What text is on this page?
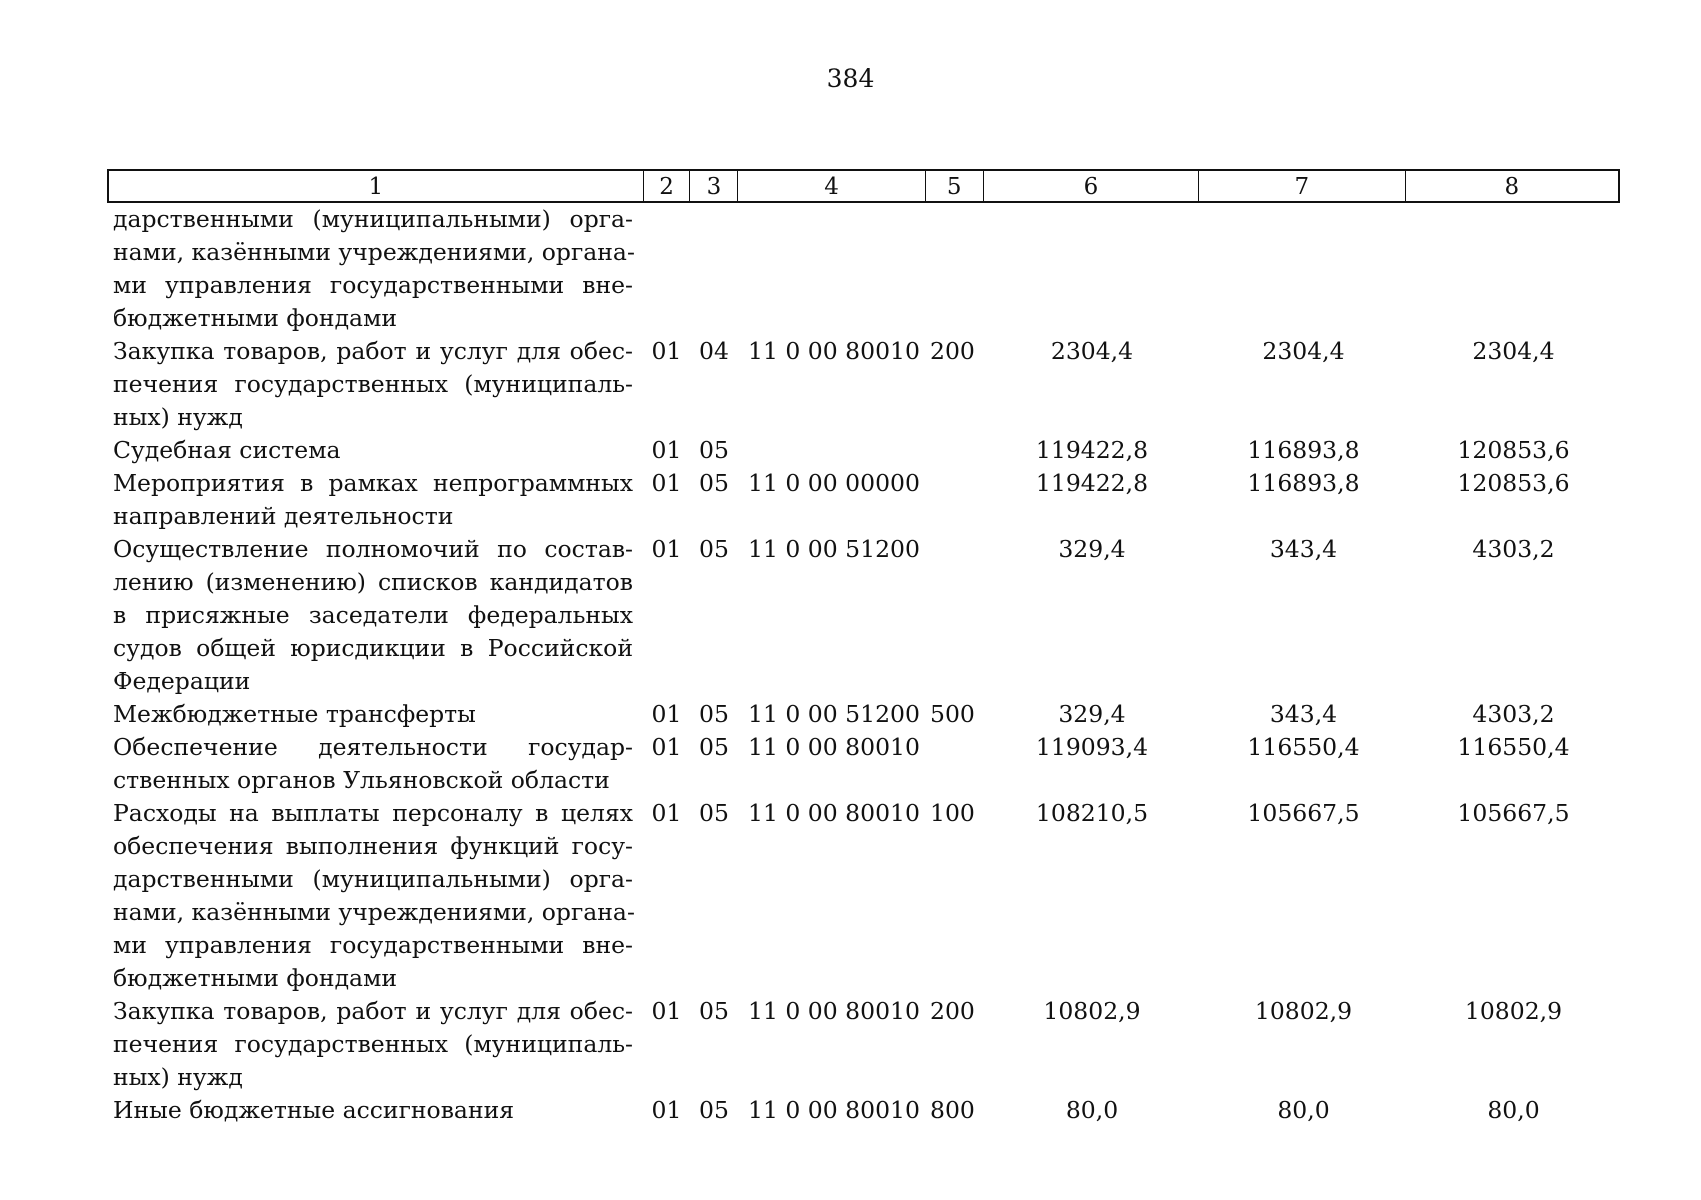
384
1	2	3	4	5	6	7	8
дарственными (муниципальными) орга-
нами, казёнными учреждениями, органа-
ми управления государственными вне-
бюджетными фондами
Закупка товаров, работ и услуг для обес-
печения государственных (муниципаль-
ных) нужд
01 04 11 0 00 80010 200	2304,4	2304,4	2304,4
Судебная система	01 05	119422,8	116893,8	120853,6
Мероприятия в рамках непрограммных
направлений деятельности
01 05 11 0 00 00000	119422,8	116893,8	120853,6
Осуществление полномочий по состав-
лению (изменению) списков кандидатов
в присяжные заседатели федеральных
судов общей юрисдикции в Российской
Федерации
01 05 11 0 00 51200	329,4	343,4	4303,2
Межбюджетные трансферты	01 05 11 0 00 51200 500	329,4	343,4	4303,2
Обеспечение деятельности государ-
ственных органов Ульяновской области
01 05 11 0 00 80010	119093,4	116550,4	116550,4
Расходы на выплаты персоналу в целях
обеспечения выполнения функций госу-
дарственными (муниципальными) орга-
нами, казёнными учреждениями, органа-
ми управления государственными вне-
бюджетными фондами
01 05 11 0 00 80010 100	108210,5	105667,5	105667,5
Закупка товаров, работ и услуг для обес-
печения государственных (муниципаль-
ных) нужд
01 05 11 0 00 80010 200	10802,9	10802,9	10802,9
Иные бюджетные ассигнования	01 05 11 0 00 80010 800	80,0	80,0	80,0
